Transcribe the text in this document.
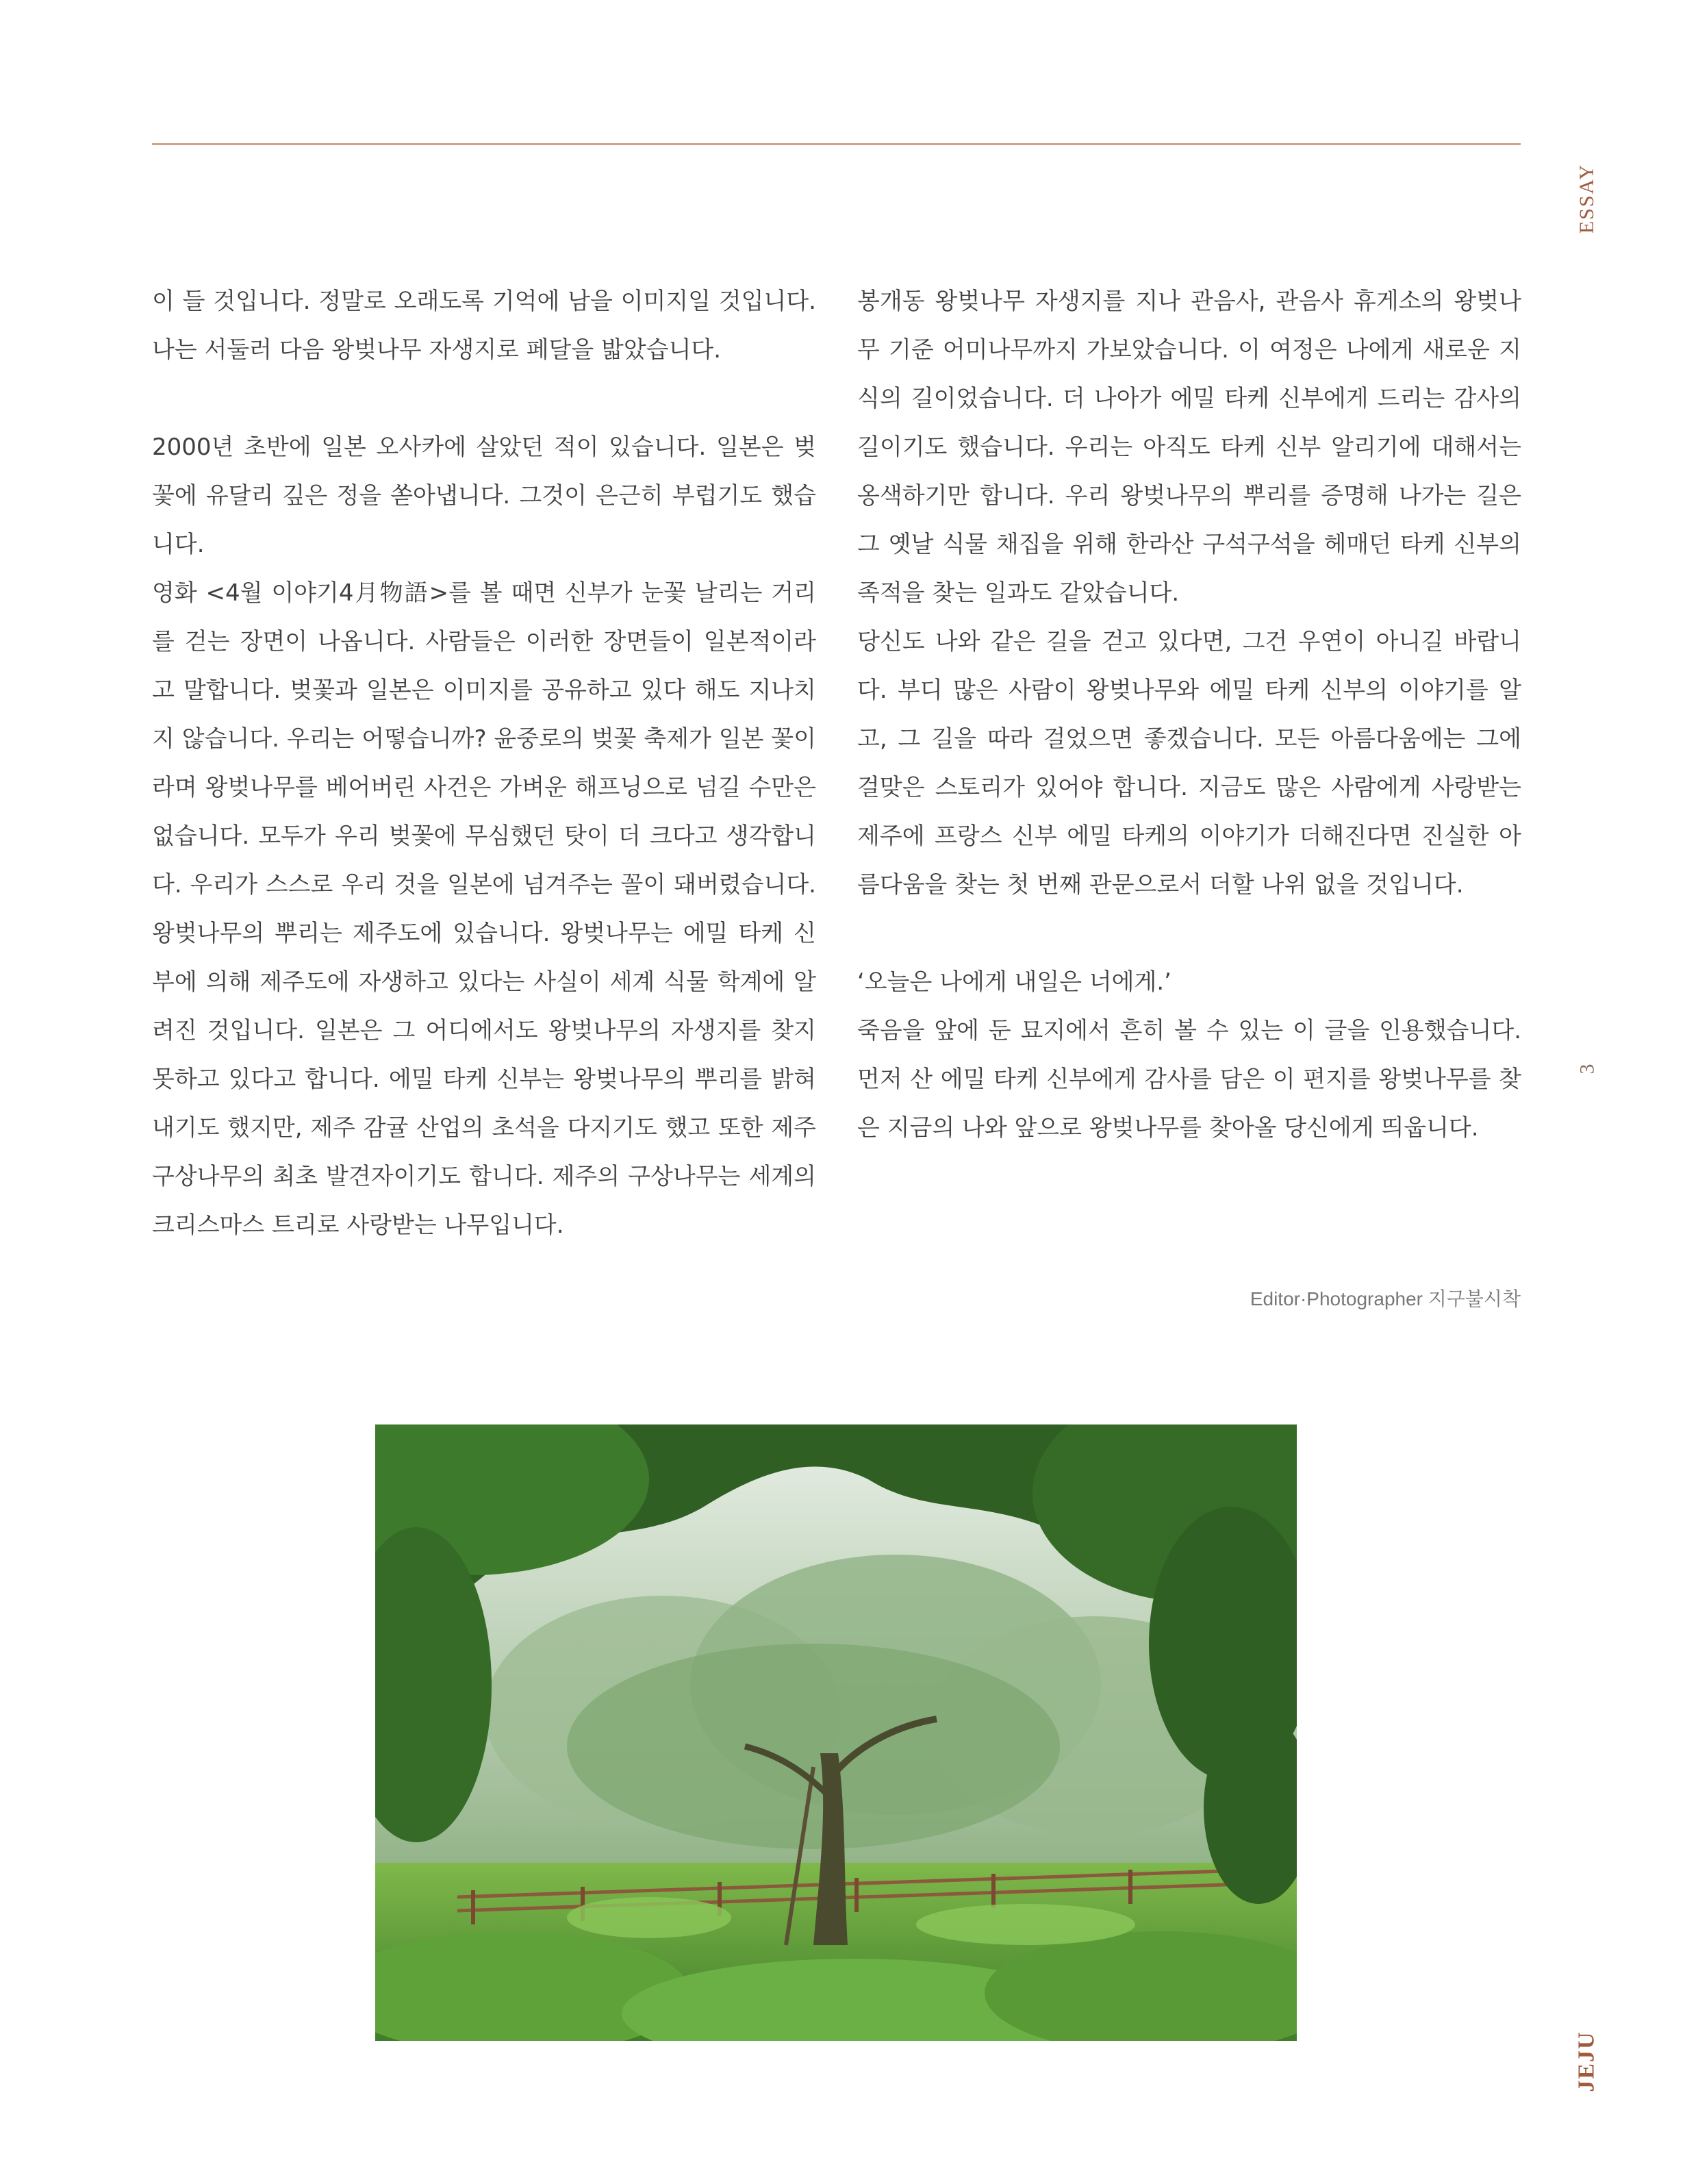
ESSAY
3
JEJU

이 들 것입니다. 정말로 오래도록 기억에 남을 이미지일 것입니다. 나는 서둘러 다음 왕벚나무 자생지로 페달을 밟았습니다.

2000년 초반에 일본 오사카에 살았던 적이 있습니다. 일본은 벚꽃에 유달리 깊은 정을 쏟아냅니다. 그것이 은근히 부럽기도 했습니다.

영화 <4월 이야기4月物語>를 볼 때면 신부가 눈꽃 날리는 거리를 걷는 장면이 나옵니다. 사람들은 이러한 장면들이 일본적이라고 말합니다. 벚꽃과 일본은 이미지를 공유하고 있다 해도 지나치지 않습니다. 우리는 어떻습니까? 윤중로의 벚꽃 축제가 일본 꽃이라며 왕벚나무를 베어버린 사건은 가벼운 해프닝으로 넘길 수만은 없습니다. 모두가 우리 벚꽃에 무심했던 탓이 더 크다고 생각합니다. 우리가 스스로 우리 것을 일본에 넘겨주는 꼴이 돼버렸습니다. 왕벚나무의 뿌리는 제주도에 있습니다. 왕벚나무는 에밀 타케 신부에 의해 제주도에 자생하고 있다는 사실이 세계 식물 학계에 알려진 것입니다. 일본은 그 어디에서도 왕벚나무의 자생지를 찾지 못하고 있다고 합니다. 에밀 타케 신부는 왕벚나무의 뿌리를 밝혀내기도 했지만, 제주 감귤 산업의 초석을 다지기도 했고 또한 제주 구상나무의 최초 발견자이기도 합니다. 제주의 구상나무는 세계의 크리스마스 트리로 사랑받는 나무입니다.

봉개동 왕벚나무 자생지를 지나 관음사, 관음사 휴게소의 왕벚나무 기준 어미나무까지 가보았습니다. 이 여정은 나에게 새로운 지식의 길이었습니다. 더 나아가 에밀 타케 신부에게 드리는 감사의 길이기도 했습니다. 우리는 아직도 타케 신부 알리기에 대해서는 옹색하기만 합니다. 우리 왕벚나무의 뿌리를 증명해 나가는 길은 그 옛날 식물 채집을 위해 한라산 구석구석을 헤매던 타케 신부의 족적을 찾는 일과도 같았습니다.

당신도 나와 같은 길을 걷고 있다면, 그건 우연이 아니길 바랍니다. 부디 많은 사람이 왕벚나무와 에밀 타케 신부의 이야기를 알고, 그 길을 따라 걸었으면 좋겠습니다. 모든 아름다움에는 그에 걸맞은 스토리가 있어야 합니다. 지금도 많은 사람에게 사랑받는 제주에 프랑스 신부 에밀 타케의 이야기가 더해진다면 진실한 아름다움을 찾는 첫 번째 관문으로서 더할 나위 없을 것입니다.

‘오늘은 나에게 내일은 너에게.’

죽음을 앞에 둔 묘지에서 흔히 볼 수 있는 이 글을 인용했습니다. 먼저 산 에밀 타케 신부에게 감사를 담은 이 편지를 왕벚나무를 찾은 지금의 나와 앞으로 왕벚나무를 찾아올 당신에게 띄웁니다.

Editor·Photographer 지구불시착
